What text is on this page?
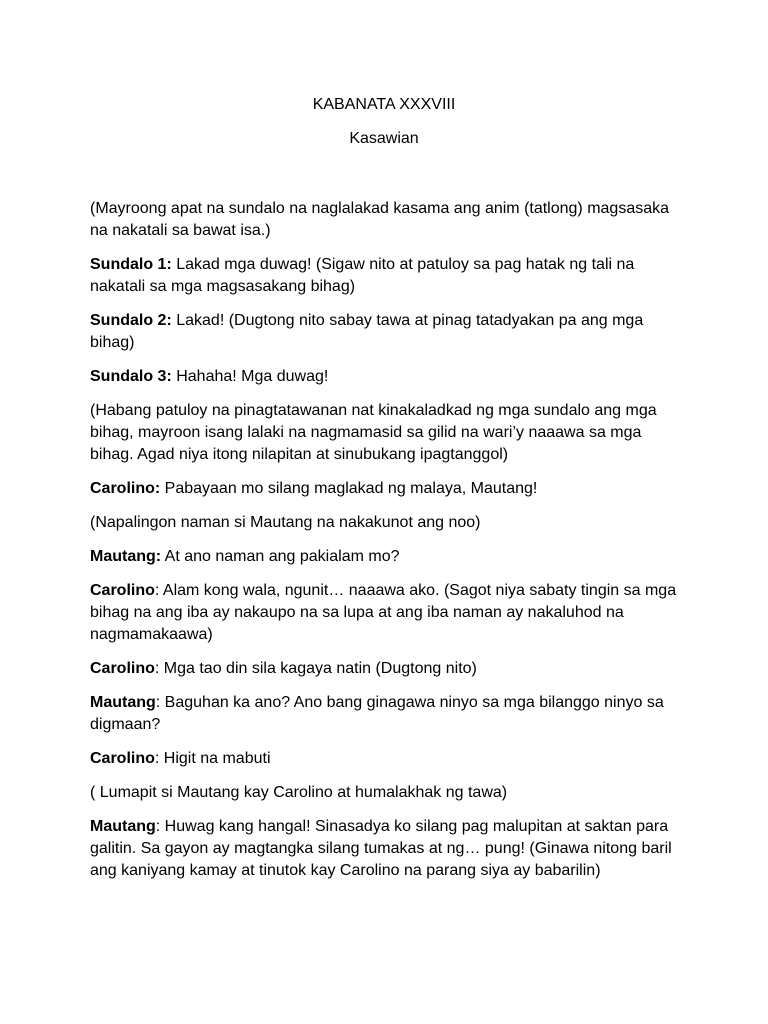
KABANATA XXXVIII
Kasawian

(Mayroong apat na sundalo na naglalakad kasama ang anim (tatlong) magsasaka na nakatali sa bawat isa.)

Sundalo 1: Lakad mga duwag! (Sigaw nito at patuloy sa pag hatak ng tali na nakatali sa mga magsasakang bihag)

Sundalo 2: Lakad! (Dugtong nito sabay tawa at pinag tatadyakan pa ang mga bihag)

Sundalo 3: Hahaha! Mga duwag!

(Habang patuloy na pinagtatawanan nat kinakaladkad ng mga sundalo ang mga bihag, mayroon isang lalaki na nagmamasid sa gilid na wari’y naaawa sa mga bihag. Agad niya itong nilapitan at sinubukang ipagtanggol)

Carolino: Pabayaan mo silang maglakad ng malaya, Mautang!

(Napalingon naman si Mautang na nakakunot ang noo)

Mautang: At ano naman ang pakialam mo?

Carolino: Alam kong wala, ngunit… naaawa ako. (Sagot niya sabaty tingin sa mga bihag na ang iba ay nakaupo na sa lupa at ang iba naman ay nakaluhod na nagmamakaawa)

Carolino: Mga tao din sila kagaya natin (Dugtong nito)

Mautang: Baguhan ka ano? Ano bang ginagawa ninyo sa mga bilanggo ninyo sa digmaan?

Carolino: Higit na mabuti

( Lumapit si Mautang kay Carolino at humalakhak ng tawa)

Mautang: Huwag kang hangal! Sinasadya ko silang pag malupitan at saktan para galitin. Sa gayon ay magtangka silang tumakas at ng… pung! (Ginawa nitong baril ang kaniyang kamay at tinutok kay Carolino na parang siya ay babarilin)
